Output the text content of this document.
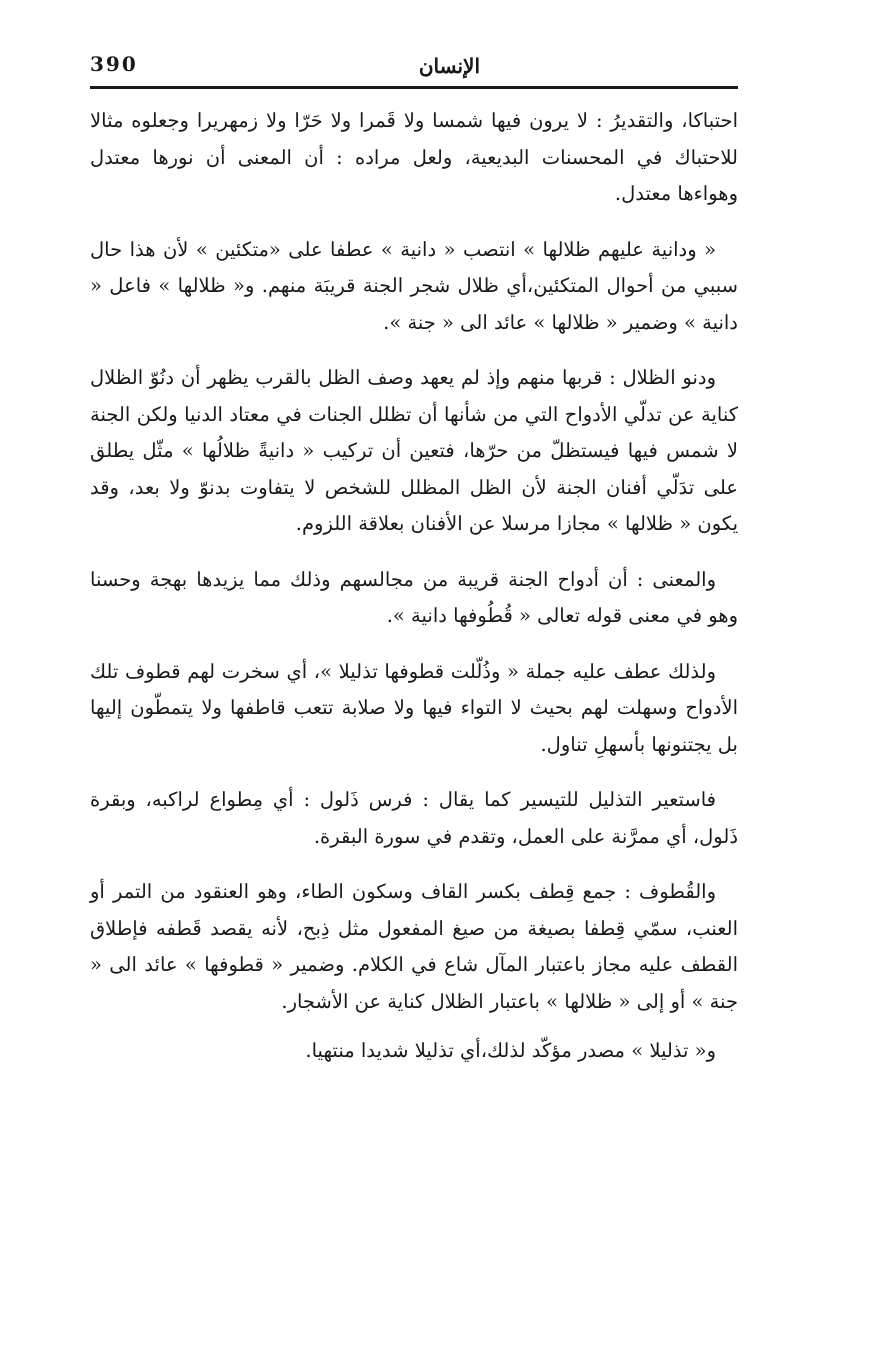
390	الإنسان

احتباكا، والتقديرُ : لا يرون فيها شمسا ولا قَمرا ولا حَرّا ولا زمهريرا وجعلوه مثالا للاحتباك في المحسنات البديعية، ولعل مراده : أن المعنى أن نورها معتدل وهواءها معتدل.

« ودانية عليهم ظلالها » انتصب « دانية » عطفا على «متكئين » لأن هذا حال سببي من أحوال المتكئين،أي ظلال شجر الجنة قريبَة منهم. و« ظلالها » فاعل « دانية » وضمير « ظلالها » عائد الى « جنة ».

ودنو الظلال : قربها منهم وإذ لم يعهد وصف الظل بالقرب يظهر أن دنُوّ الظلال كناية عن تدلّي الأدواح التي من شأنها أن تظلل الجنات في معتاد الدنيا ولكن الجنة لا شمس فيها فيستظلّ من حرّها، فتعين أن تركيب « دانيةً ظلالُها » مثّل يطلق على تدَلّي أفنان الجنة لأن الظل المظلل للشخص لا يتفاوت بدنوّ ولا بعد، وقد يكون « ظلالها » مجازا مرسلا عن الأفنان بعلاقة اللزوم.

والمعنى : أن أدواح الجنة قريبة من مجالسهم وذلك مما يزيدها بهجة وحسنا وهو في معنى قوله تعالى « قُطُوفها دانية ».

ولذلك عطف عليه جملة « وذُلّلت قطوفها تذليلا »، أي سخرت لهم قطوف تلك الأدواح وسهلت لهم بحيث لا التواء فيها ولا صلابة تتعب قاطفها ولا يتمطّون إليها بل يجتنونها بأسهلِ تناول.

فاستعير التذليل للتيسير كما يقال : فرس ذَلول : أي مِطواع لراكبه، وبقرة ذَلول، أي ممرَّنة على العمل، وتقدم في سورة البقرة.

والقُطوف : جمع قِطف بكسر القاف وسكون الطاء، وهو العنقود من التمر أو العنب، سمّي قِطفا بصيغة من صيغ المفعول مثل ذِبح، لأنه يقصد قَطفه فإطلاق القطف عليه مجاز باعتبار المآل شاع في الكلام. وضمير « قطوفها » عائد الى « جنة » أو إلى « ظلالها » باعتبار الظلال كناية عن الأشجار.

و« تذليلا » مصدر مؤكّد لذلك،أي تذليلا شديدا منتهيا.
